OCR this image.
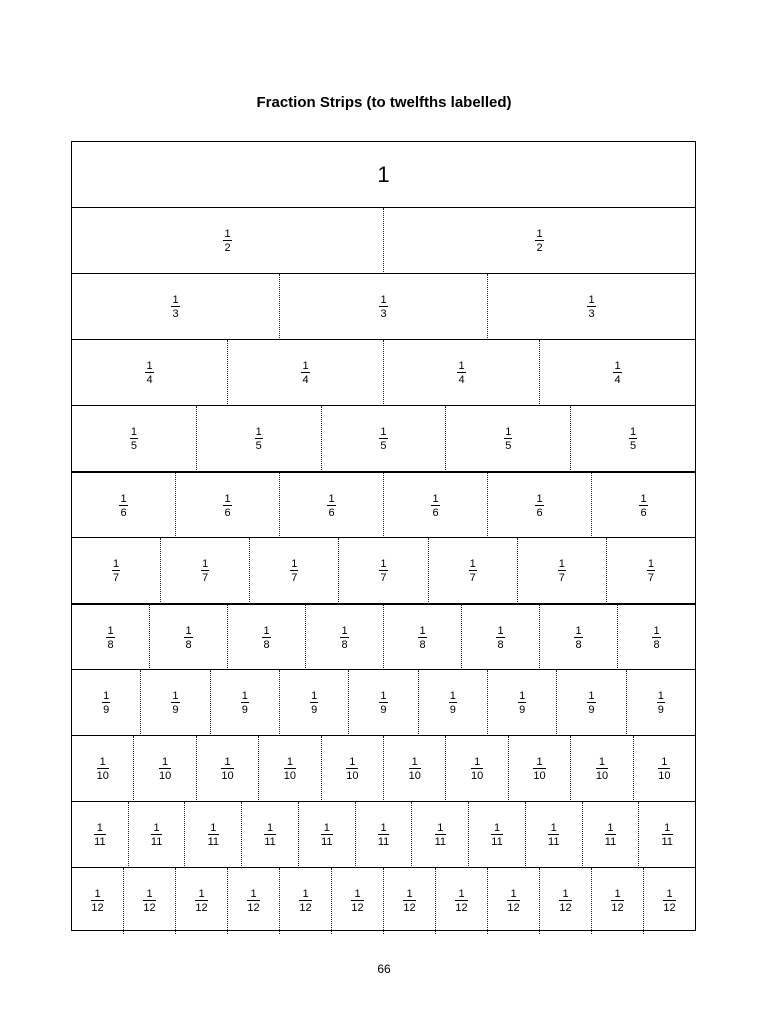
Fraction Strips (to twelfths labelled)
1
$\frac{1}{2}$	$\frac{1}{2}$
$\frac{1}{3}$	$\frac{1}{3}$	$\frac{1}{3}$
$\frac{1}{4}$	$\frac{1}{4}$	$\frac{1}{4}$	$\frac{1}{4}$
$\frac{1}{5}$	$\frac{1}{5}$	$\frac{1}{5}$	$\frac{1}{5}$	$\frac{1}{5}$
$\frac{1}{6}$	$\frac{1}{6}$	$\frac{1}{6}$	$\frac{1}{6}$	$\frac{1}{6}$	$\frac{1}{6}$
$\frac{1}{7}$	$\frac{1}{7}$	$\frac{1}{7}$	$\frac{1}{7}$	$\frac{1}{7}$	$\frac{1}{7}$	$\frac{1}{7}$
$\frac{1}{8}$	$\frac{1}{8}$	$\frac{1}{8}$	$\frac{1}{8}$	$\frac{1}{8}$	$\frac{1}{8}$	$\frac{1}{8}$	$\frac{1}{8}$
$\frac{1}{9}$	$\frac{1}{9}$	$\frac{1}{9}$	$\frac{1}{9}$	$\frac{1}{9}$	$\frac{1}{9}$	$\frac{1}{9}$	$\frac{1}{9}$	$\frac{1}{9}$
$\frac{1}{10}$	$\frac{1}{10}$	$\frac{1}{10}$	$\frac{1}{10}$	$\frac{1}{10}$	$\frac{1}{10}$	$\frac{1}{10}$	$\frac{1}{10}$	$\frac{1}{10}$	$\frac{1}{10}$
$\frac{1}{11}$	$\frac{1}{11}$	$\frac{1}{11}$	$\frac{1}{11}$	$\frac{1}{11}$	$\frac{1}{11}$	$\frac{1}{11}$	$\frac{1}{11}$	$\frac{1}{11}$	$\frac{1}{11}$	$\frac{1}{11}$
$\frac{1}{12}$	$\frac{1}{12}$	$\frac{1}{12}$	$\frac{1}{12}$	$\frac{1}{12}$	$\frac{1}{12}$	$\frac{1}{12}$	$\frac{1}{12}$	$\frac{1}{12}$	$\frac{1}{12}$	$\frac{1}{12}$	$\frac{1}{12}$
66
